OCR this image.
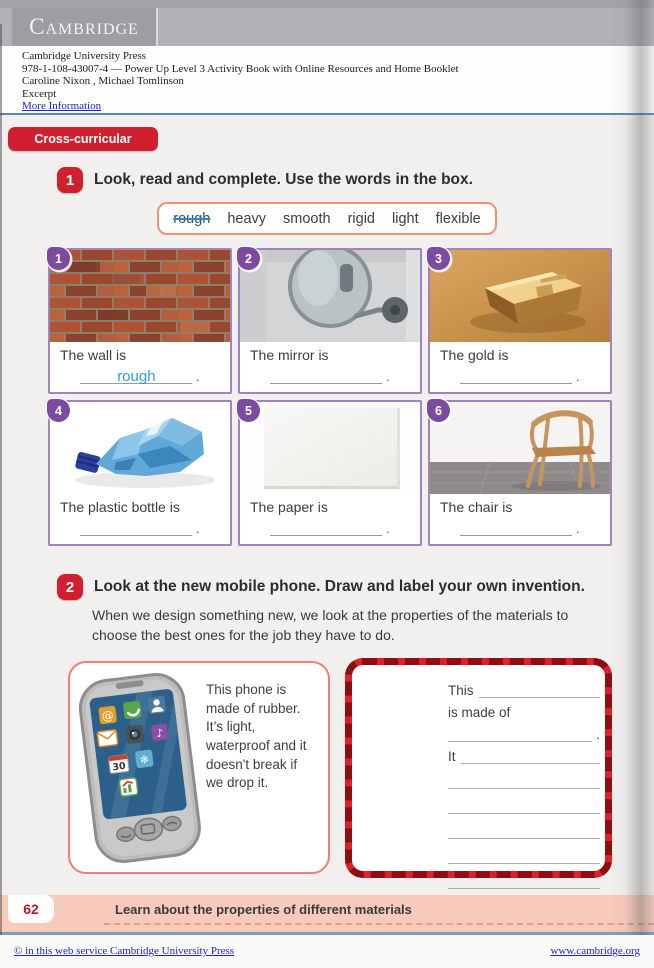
Cambridge
Cambridge University Press
978-1-108-43007-4 — Power Up Level 3 Activity Book with Online Resources and Home Booklet
Caroline Nixon , Michael Tomlinson
Excerpt
More Information
Cross-curricular
1	Look, read and complete. Use the words in the box.
rough heavy smooth rigid light flexible
1
The wall is
rough	.
2
The mirror is
.
3
The gold is
.
4
The plastic bottle is
.
5
The paper is
.
6
The chair is
.
2	Look at the new mobile phone. Draw and label your own invention.
When we design something new, we look at the properties of the materials to choose the best ones for the job they have to do.
@
♪
30
❄
This phone is made of rubber. It’s light, waterproof and it doesn't break if we drop it.
This
is made of
.
It
62	Learn about the properties of different materials
© in this web service Cambridge University Press	www.cambridge.org
